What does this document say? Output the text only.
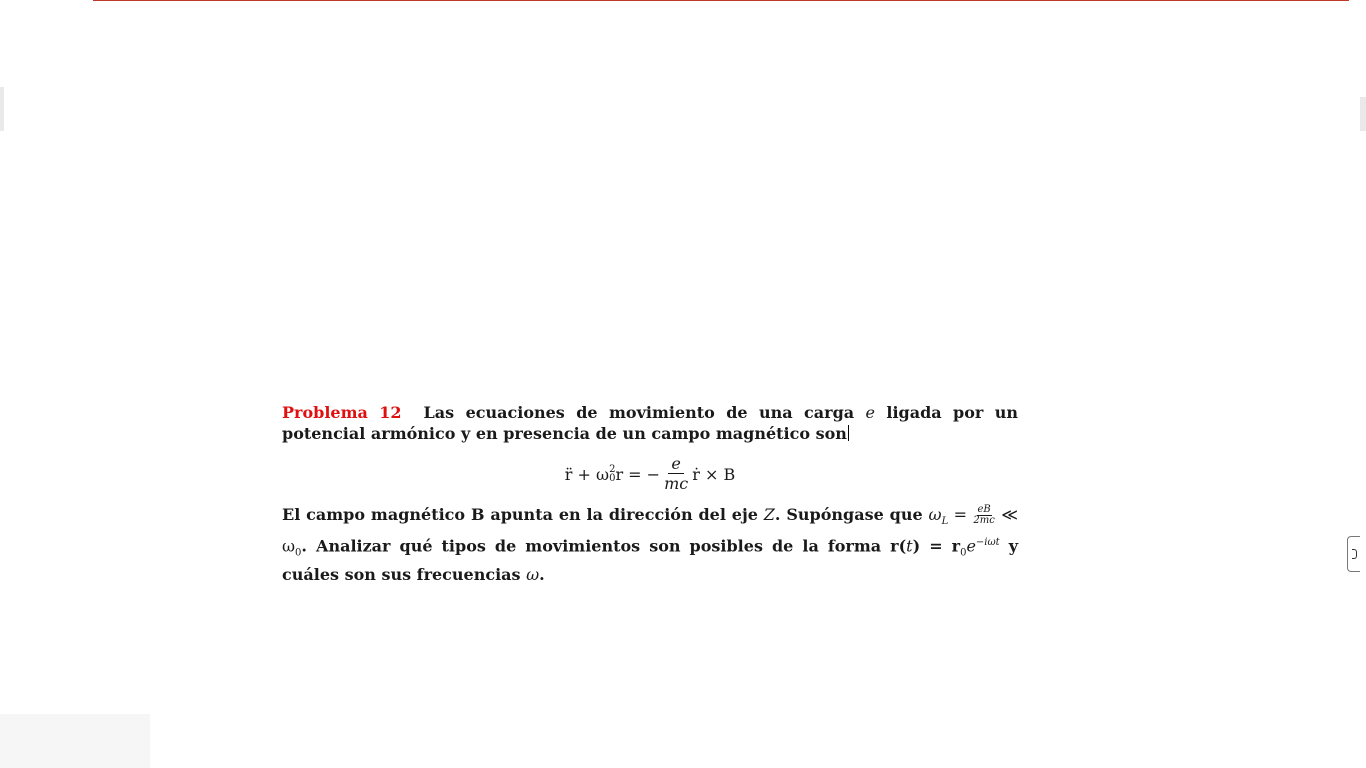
Problema 12 Las ecuaciones de movimiento de una carga e ligada por un potencial armónico y en presencia de un campo magnético son

r̈ + ω 2
0 r = − $\frac{e}{mc}$ ṙ × B

El campo magnético B apunta en la dirección del eje Z. Supóngase que $\omega_L = \frac{eB}{2mc}$ ≪ $\omega_0$. Analizar qué tipos de movimientos son posibles de la forma $r(t) = r_0e^{-i\omega t}$ y cuáles son sus frecuencias ω.
